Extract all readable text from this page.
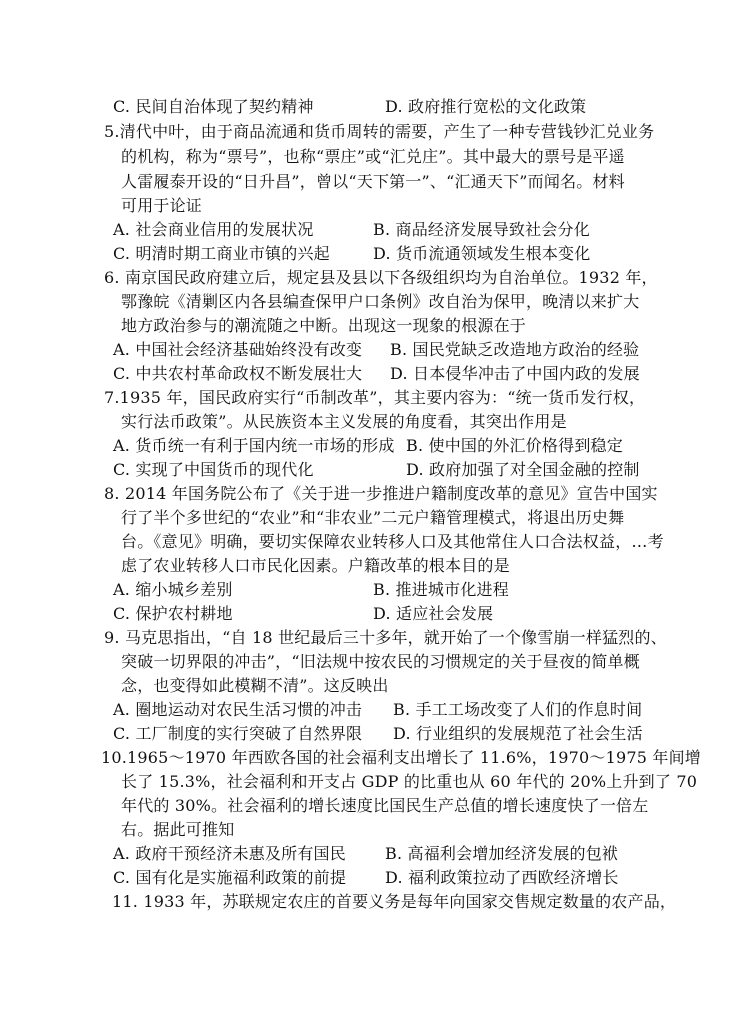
C. 民间自治体现了契约精神	D. 政府推行宽松的文化政策
5.清代中叶，由于商品流通和货币周转的需要，产生了一种专营钱钞汇兑业务
的机构，称为“票号”，也称“票庄”或“汇兑庄”。其中最大的票号是平遥
人雷履泰开设的“日升昌”，曾以“天下第一”、“汇通天下”而闻名。材料
可用于论证
A. 社会商业信用的发展状况	B. 商品经济发展导致社会分化
C. 明清时期工商业市镇的兴起	D. 货币流通领域发生根本变化
6. 南京国民政府建立后，规定县及县以下各级组织均为自治单位。1932 年，
鄂豫皖《清剿区内各县编查保甲户口条例》改自治为保甲，晚清以来扩大
地方政治参与的潮流随之中断。出现这一现象的根源在于
A. 中国社会经济基础始终没有改变 B. 国民党缺乏改造地方政治的经验
C. 中共农村革命政权不断发展壮大 D. 日本侵华冲击了中国内政的发展
7.1935 年，国民政府实行“币制改革”，其主要内容为：“统一货币发行权，
实行法币政策”。从民族资本主义发展的角度看，其突出作用是
A. 货币统一有利于国内统一市场的形成 B. 使中国的外汇价格得到稳定
C. 实现了中国货币的现代化	D. 政府加强了对全国金融的控制
8. 2014 年国务院公布了《关于进一步推进户籍制度改革的意见》宣告中国实
行了半个多世纪的“农业”和“非农业”二元户籍管理模式，将退出历史舞
台。《意见》明确，要切实保障农业转移人口及其他常住人口合法权益，…考
虑了农业转移人口市民化因素。户籍改革的根本目的是
A. 缩小城乡差别	B. 推进城市化进程
C. 保护农村耕地	D. 适应社会发展
9. 马克思指出，“自 18 世纪最后三十多年，就开始了一个像雪崩一样猛烈的、
突破一切界限的冲击”，“旧法规中按农民的习惯规定的关于昼夜的简单概
念，也变得如此模糊不清”。这反映出
A. 圈地运动对农民生活习惯的冲击 B. 手工工场改变了人们的作息时间
C. 工厂制度的实行突破了自然界限 D. 行业组织的发展规范了社会生活
10.1965～1970 年西欧各国的社会福利支出增长了 11.6%，1970～1975 年间增
长了 15.3%，社会福利和开支占 GDP 的比重也从 60 年代的 20%上升到了 70
年代的 30%。社会福利的增长速度比国民生产总值的增长速度快了一倍左
右。据此可推知
A. 政府干预经济未惠及所有国民 B. 高福利会增加经济发展的包袱
C. 国有化是实施福利政策的前提 D. 福利政策拉动了西欧经济增长
11. 1933 年，苏联规定农庄的首要义务是每年向国家交售规定数量的农产品，
